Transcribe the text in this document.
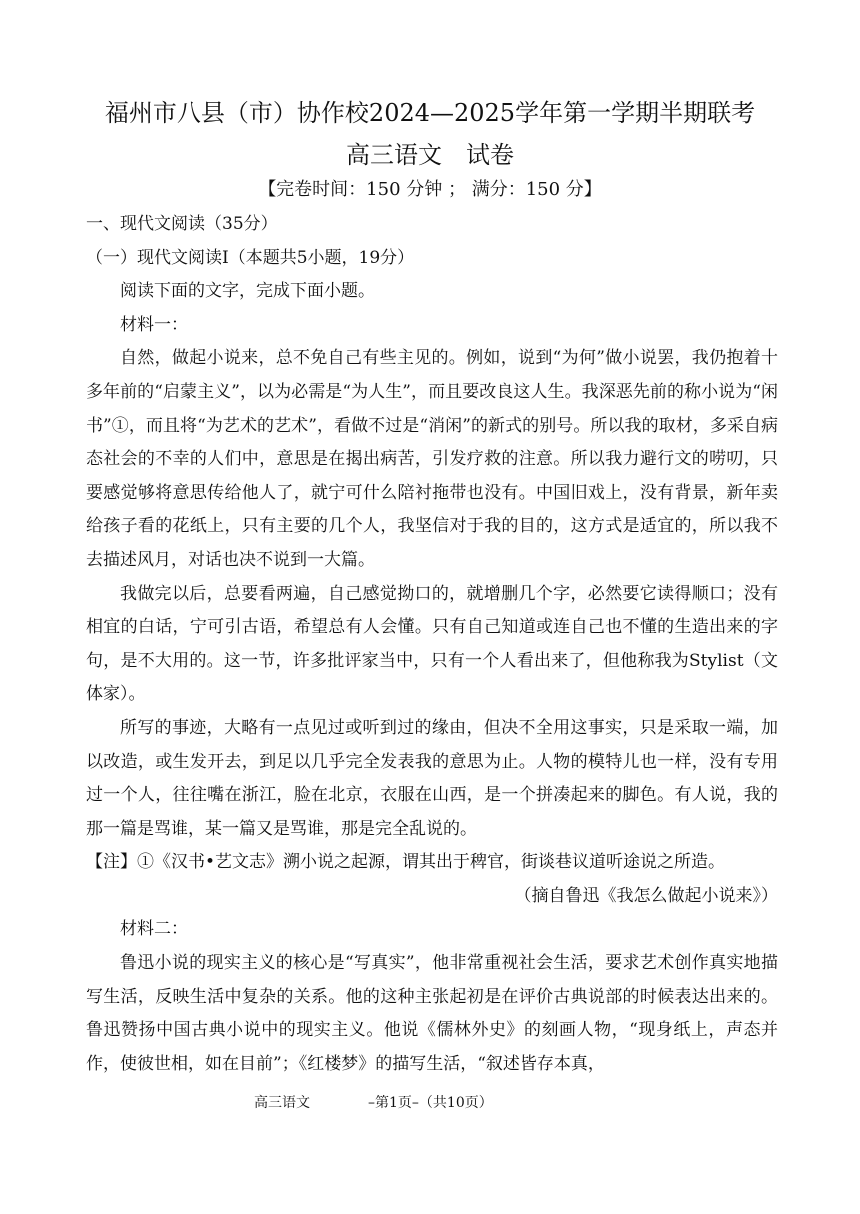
福州市八县（市）协作校2024—2025学年第一学期半期联考
高三语文　试卷
【完卷时间：150 分钟 ； 满分：150 分】

一、现代文阅读（35分）

（一）现代文阅读Ⅰ（本题共5小题，19分）

阅读下面的文字，完成下面小题。

材料一：

自然，做起小说来，总不免自己有些主见的。例如，说到“为何”做小说罢，我仍抱着十多年前的“启蒙主义”，以为必需是“为人生”，而且要改良这人生。我深恶先前的称小说为“闲书”①，而且将“为艺术的艺术”，看做不过是“消闲”的新式的别号。所以我的取材，多采自病态社会的不幸的人们中，意思是在揭出病苦，引发疗救的注意。所以我力避行文的唠叨，只要感觉够将意思传给他人了，就宁可什么陪衬拖带也没有。中国旧戏上，没有背景，新年卖给孩子看的花纸上，只有主要的几个人，我坚信对于我的目的，这方式是适宜的，所以我不去描述风月，对话也决不说到一大篇。

我做完以后，总要看两遍，自己感觉拗口的，就增删几个字，必然要它读得顺口；没有相宜的白话，宁可引古语，希望总有人会懂。只有自己知道或连自己也不懂的生造出来的字句，是不大用的。这一节，许多批评家当中，只有一个人看出来了，但他称我为Stylist（文体家）。

所写的事迹，大略有一点见过或听到过的缘由，但决不全用这事实，只是采取一端，加以改造，或生发开去，到足以几乎完全发表我的意思为止。人物的模特儿也一样，没有专用过一个人，往往嘴在浙江，脸在北京，衣服在山西，是一个拼凑起来的脚色。有人说，我的那一篇是骂谁，某一篇又是骂谁，那是完全乱说的。

【注】①《汉书•艺文志》溯小说之起源，谓其出于稗官，街谈巷议道听途说之所造。

（摘自鲁迅《我怎么做起小说来》）

材料二：

鲁迅小说的现实主义的核心是“写真实”，他非常重视社会生活，要求艺术创作真实地描写生活，反映生活中复杂的关系。他的这种主张起初是在评价古典说部的时候表达出来的。鲁迅赞扬中国古典小说中的现实主义。他说《儒林外史》的刻画人物，“现身纸上，声态并作，使彼世相，如在目前”；《红楼梦》的描写生活，“叙述皆存本真，

高三语文	–第1页–（共10页）
